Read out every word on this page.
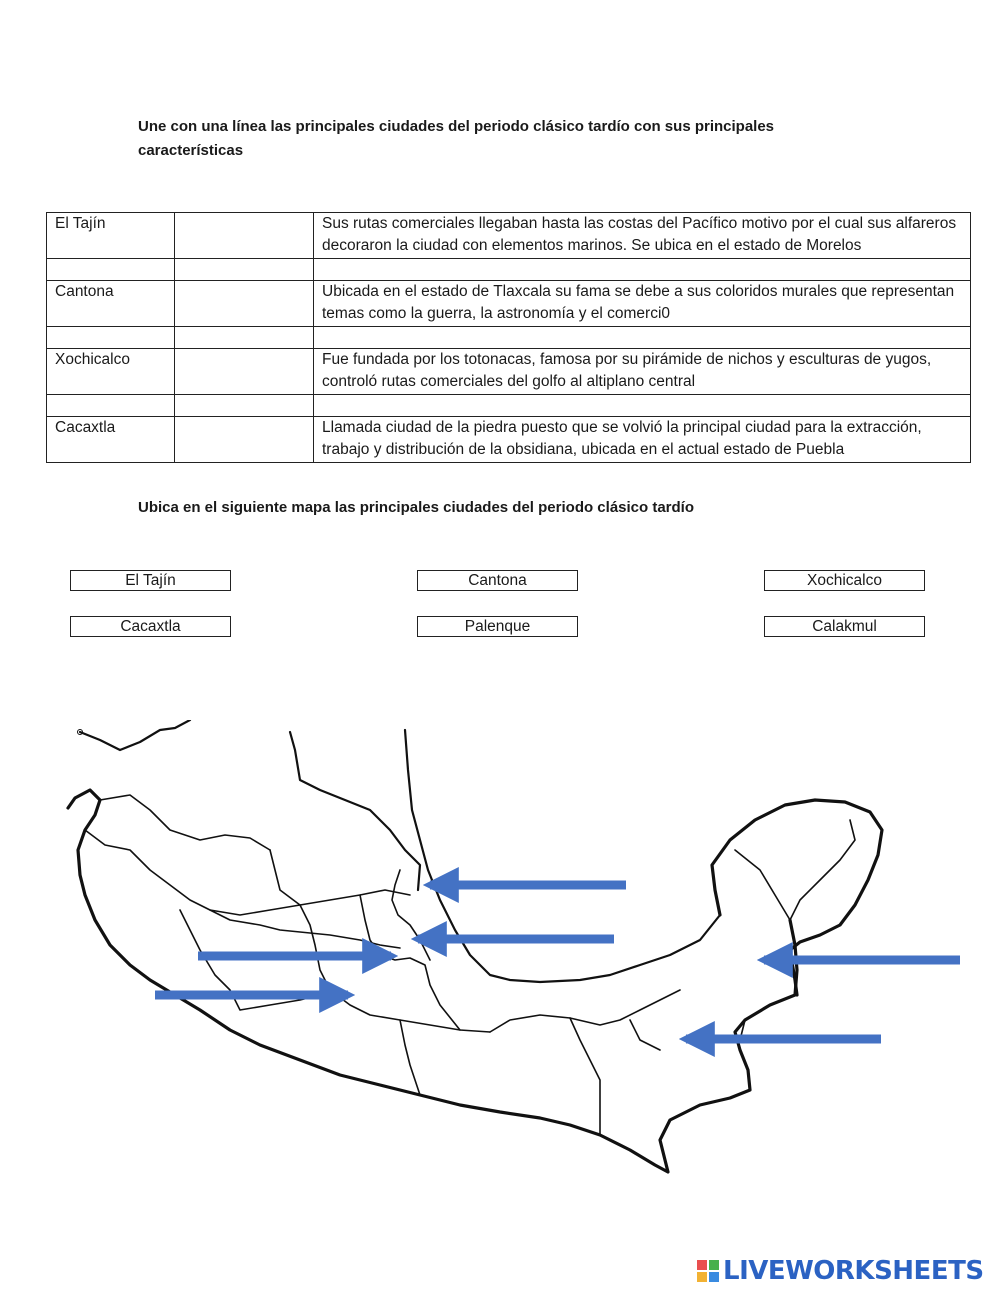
Une con una línea las principales ciudades del periodo clásico tardío con sus principales características

El Tajín		Sus rutas comerciales llegaban hasta las costas del Pacífico motivo por el cual sus alfareros decoraron la ciudad con elementos marinos. Se ubica en el estado de Morelos

Cantona		Ubicada en el estado de Tlaxcala su fama se debe a sus coloridos murales que representan temas como la guerra, la astronomía y el comerci0

Xochicalco		Fue fundada por los totonacas, famosa por su pirámide de nichos y esculturas de yugos, controló rutas comerciales del golfo al altiplano central

Cacaxtla		Llamada ciudad de la piedra puesto que se volvió la principal ciudad para la extracción, trabajo y distribución de la obsidiana, ubicada en el actual estado de Puebla

Ubica en el siguiente mapa las principales ciudades del periodo clásico tardío

El Tajín	Cantona	Xochicalco
Cacaxtla	Palenque	Calakmul
LIVEWORKSHEETS
